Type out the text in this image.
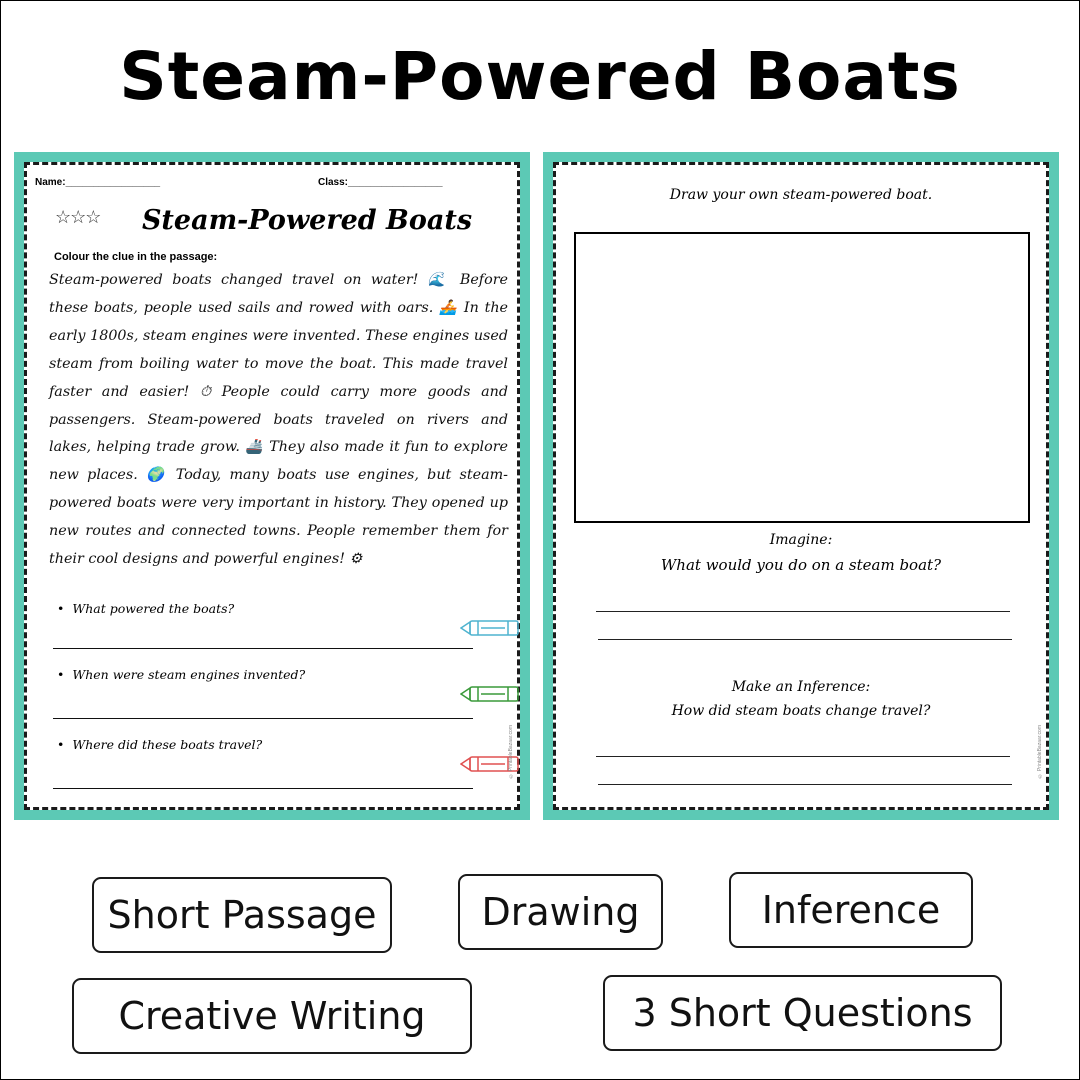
Steam-Powered Boats
Name:_________________	Class:_________________
☆☆☆	Steam-Powered Boats
Colour the clue in the passage:
Steam-powered boats changed travel on water! 🌊 Before these boats, people used sails and rowed with oars. 🚣 In the early 1800s, steam engines were invented. These engines used steam from boiling water to move the boat. This made travel faster and easier! ⏱ People could carry more goods and passengers. Steam-powered boats traveled on rivers and lakes, helping trade grow. 🚢 They also made it fun to explore new places. 🌍 Today, many boats use engines, but steam-powered boats were very important in history. They opened up new routes and connected towns. People remember them for their cool designs and powerful engines! ⚙
• What powered the boats?
• When were steam engines invented?
• Where did these boats travel?	© PrintableBazaar.com
Draw your own steam-powered boat.
Imagine:
What would you do on a steam boat?
Make an Inference:
How did steam boats change travel?
© PrintableBazaar.com
Short Passage	Drawing	Inference
Creative Writing	3 Short Questions
